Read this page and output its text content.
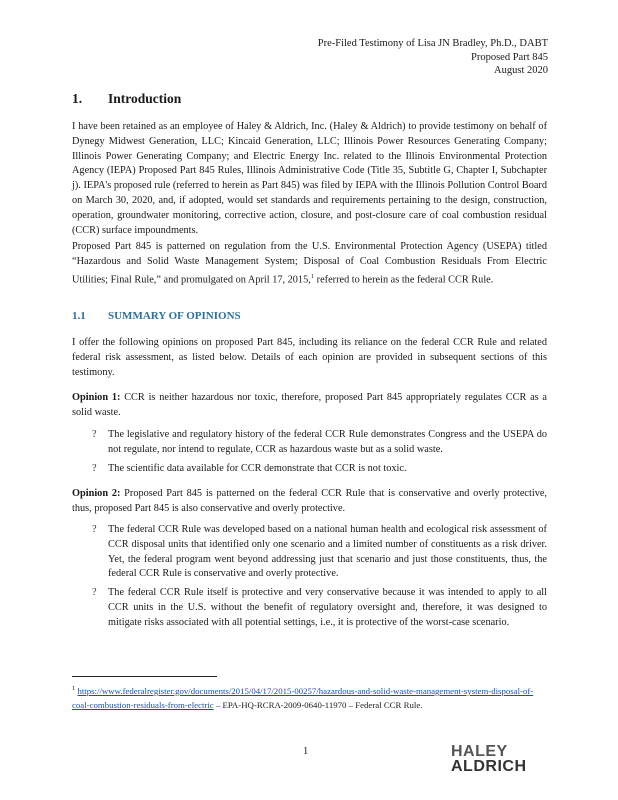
Pre-Filed Testimony of Lisa JN Bradley, Ph.D., DABT
Proposed Part 845
August 2020
1.	Introduction

I have been retained as an employee of Haley & Aldrich, Inc. (Haley & Aldrich) to provide testimony on behalf of Dynegy Midwest Generation, LLC; Kincaid Generation, LLC; Illinois Power Resources Generating Company; Illinois Power Generating Company; and Electric Energy Inc. related to the Illinois Environmental Protection Agency (IEPA) Proposed Part 845 Rules, Illinois Administrative Code (Title 35, Subtitle G, Chapter I, Subchapter j). IEPA's proposed rule (referred to herein as Part 845) was filed by IEPA with the Illinois Pollution Control Board on March 30, 2020, and, if adopted, would set standards and requirements pertaining to the design, construction, operation, groundwater monitoring, corrective action, closure, and post-closure care of coal combustion residual (CCR) surface impoundments.

Proposed Part 845 is patterned on regulation from the U.S. Environmental Protection Agency (USEPA) titled “Hazardous and Solid Waste Management System; Disposal of Coal Combustion Residuals From Electric Utilities; Final Rule,” and promulgated on April 17, 2015,$^1$ referred to herein as the federal CCR Rule.

1.1	SUMMARY OF OPINIONS

I offer the following opinions on proposed Part 845, including its reliance on the federal CCR Rule and related federal risk assessment, as listed below. Details of each opinion are provided in subsequent sections of this testimony.

Opinion 1: CCR is neither hazardous nor toxic, therefore, proposed Part 845 appropriately regulates CCR as a solid waste.

?	The legislative and regulatory history of the federal CCR Rule demonstrates Congress and the USEPA do not regulate, nor intend to regulate, CCR as hazardous waste but as a solid waste.
?	The scientific data available for CCR demonstrate that CCR is not toxic.

Opinion 2: Proposed Part 845 is patterned on the federal CCR Rule that is conservative and overly protective, thus, proposed Part 845 is also conservative and overly protective.

?	The federal CCR Rule was developed based on a national human health and ecological risk assessment of CCR disposal units that identified only one scenario and a limited number of constituents as a risk driver. Yet, the federal program went beyond addressing just that scenario and just those constituents, thus, the federal CCR Rule is conservative and overly protective.
?	The federal CCR Rule itself is protective and very conservative because it was intended to apply to all CCR units in the U.S. without the benefit of regulatory oversight and, therefore, it was designed to mitigate risks associated with all potential settings, i.e., it is protective of the worst-case scenario.
$^1$ https://www.federalregister.gov/documents/2015/04/17/2015-00257/hazardous-and-solid-waste-management-system-disposal-of-coal-combustion-residuals-from-electric – EPA-HQ-RCRA-2009-0640-11970 – Federal CCR Rule.
1	HALEY
ALDRICH
